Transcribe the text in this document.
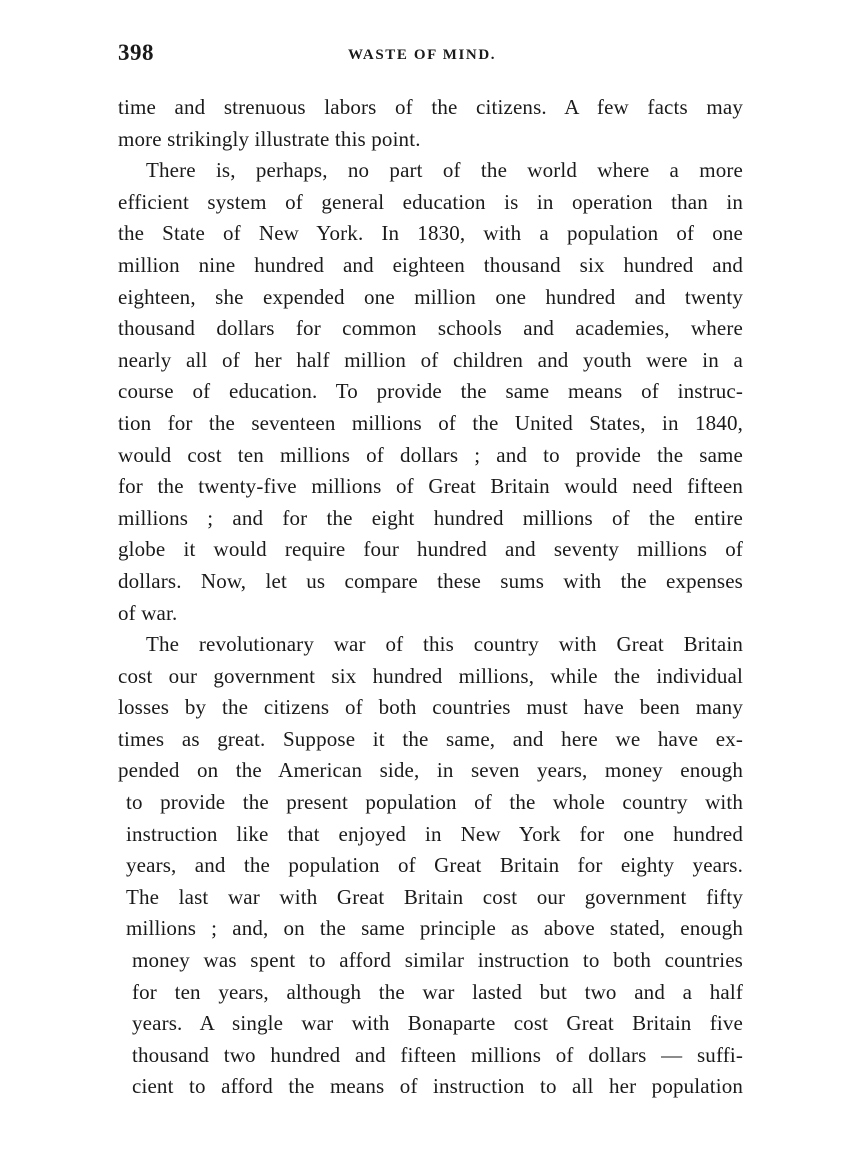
398	WASTE OF MIND.
time and strenuous labors of the citizens. A few facts may
more strikingly illustrate this point.
There is, perhaps, no part of the world where a more
efficient system of general education is in operation than in
the State of New York. In 1830, with a population of one
million nine hundred and eighteen thousand six hundred and
eighteen, she expended one million one hundred and twenty
thousand dollars for common schools and academies, where
nearly all of her half million of children and youth were in a
course of education. To provide the same means of instruc-
tion for the seventeen millions of the United States, in 1840,
would cost ten millions of dollars ; and to provide the same
for the twenty-five millions of Great Britain would need fifteen
millions ; and for the eight hundred millions of the entire
globe it would require four hundred and seventy millions of
dollars. Now, let us compare these sums with the expenses
of war.
The revolutionary war of this country with Great Britain
cost our government six hundred millions, while the individual
losses by the citizens of both countries must have been many
times as great. Suppose it the same, and here we have ex-
pended on the American side, in seven years, money enough
to provide the present population of the whole country with
instruction like that enjoyed in New York for one hundred
years, and the population of Great Britain for eighty years.
The last war with Great Britain cost our government fifty
millions ; and, on the same principle as above stated, enough
money was spent to afford similar instruction to both countries
for ten years, although the war lasted but two and a half
years. A single war with Bonaparte cost Great Britain five
thousand two hundred and fifteen millions of dollars — suffi-
cient to afford the means of instruction to all her population
